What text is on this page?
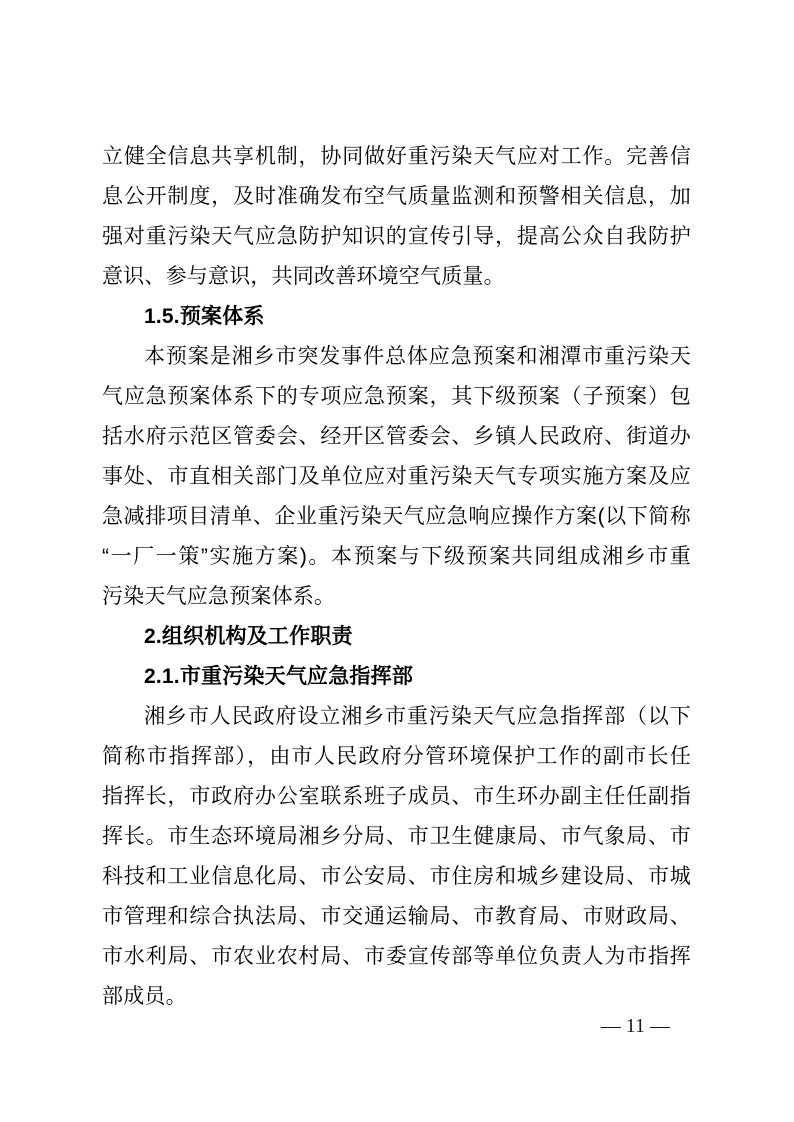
立健全信息共享机制，协同做好重污染天气应对工作。完善信
息公开制度，及时准确发布空气质量监测和预警相关信息，加
强对重污染天气应急防护知识的宣传引导，提高公众自我防护
意识、参与意识，共同改善环境空气质量。
1.5.预案体系
本预案是湘乡市突发事件总体应急预案和湘潭市重污染天
气应急预案体系下的专项应急预案，其下级预案（子预案）包
括水府示范区管委会、经开区管委会、乡镇人民政府、街道办
事处、市直相关部门及单位应对重污染天气专项实施方案及应
急减排项目清单、企业重污染天气应急响应操作方案(以下简称
“一厂一策”实施方案)。本预案与下级预案共同组成湘乡市重
污染天气应急预案体系。
2.组织机构及工作职责
2.1.市重污染天气应急指挥部
湘乡市人民政府设立湘乡市重污染天气应急指挥部（以下
简称市指挥部），由市人民政府分管环境保护工作的副市长任
指挥长，市政府办公室联系班子成员、市生环办副主任任副指
挥长。市生态环境局湘乡分局、市卫生健康局、市气象局、市
科技和工业信息化局、市公安局、市住房和城乡建设局、市城
市管理和综合执法局、市交通运输局、市教育局、市财政局、
市水利局、市农业农村局、市委宣传部等单位负责人为市指挥
部成员。
— 11 —
